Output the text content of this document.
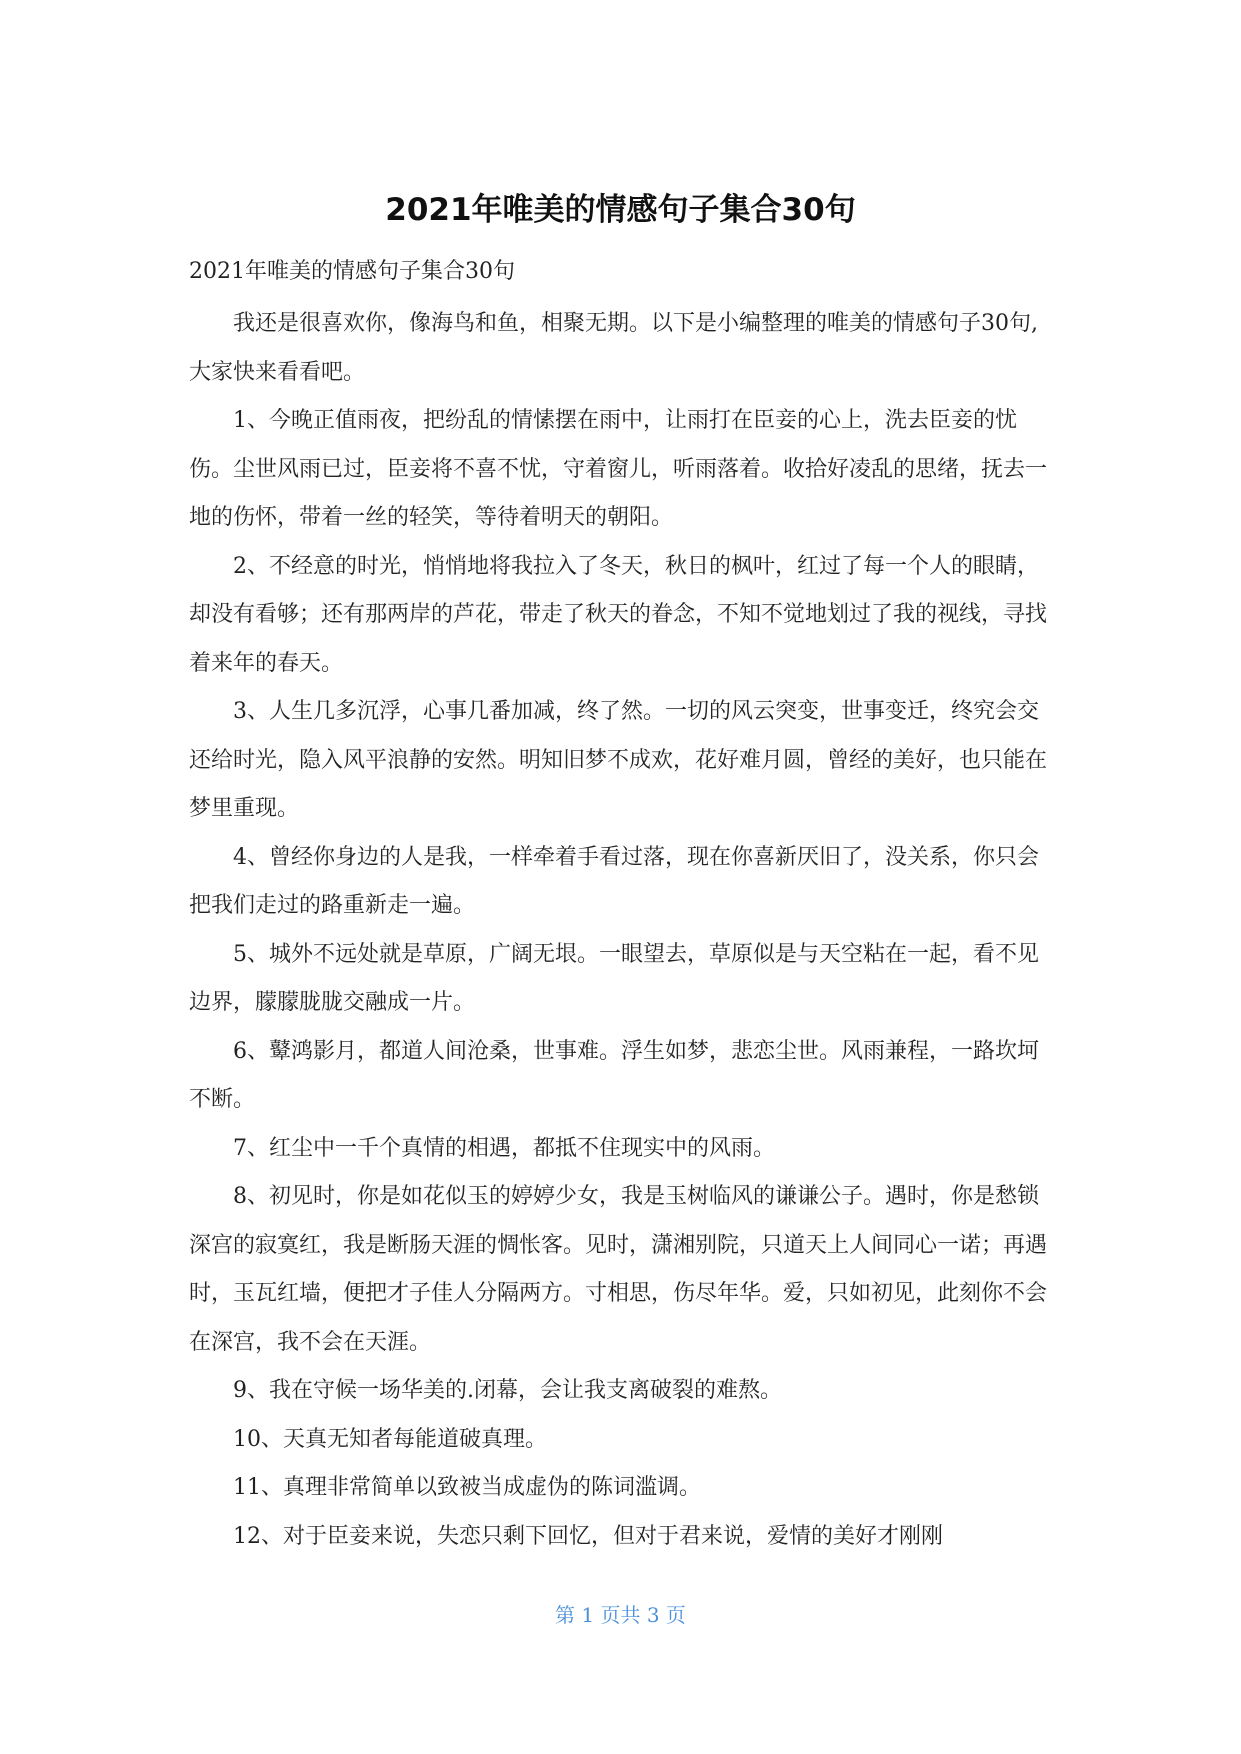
2021年唯美的情感句子集合30句
2021年唯美的情感句子集合30句

我还是很喜欢你，像海鸟和鱼，相聚无期。以下是小编整理的唯美的情感句子30句,大家快来看看吧。

1、今晚正值雨夜，把纷乱的情愫摆在雨中，让雨打在臣妾的心上，洗去臣妾的忧伤。尘世风雨已过，臣妾将不喜不忧，守着窗儿，听雨落着。收拾好凌乱的思绪，抚去一地的伤怀，带着一丝的轻笑，等待着明天的朝阳。

2、不经意的时光，悄悄地将我拉入了冬天，秋日的枫叶，红过了每一个人的眼睛，却没有看够；还有那两岸的芦花，带走了秋天的眷念，不知不觉地划过了我的视线，寻找着来年的春天。

3、人生几多沉浮，心事几番加减，终了然。一切的风云突变，世事变迁，终究会交还给时光，隐入风平浪静的安然。明知旧梦不成欢，花好难月圆，曾经的美好，也只能在梦里重现。

4、曾经你身边的人是我，一样牵着手看过落，现在你喜新厌旧了，没关系，你只会把我们走过的路重新走一遍。

5、城外不远处就是草原，广阔无垠。一眼望去，草原似是与天空粘在一起，看不见边界，朦朦胧胧交融成一片。

6、鼙鸿影月，都道人间沧桑，世事难。浮生如梦，悲恋尘世。风雨兼程，一路坎坷不断。

7、红尘中一千个真情的相遇，都抵不住现实中的风雨。

8、初见时，你是如花似玉的婷婷少女，我是玉树临风的谦谦公子。遇时，你是愁锁深宫的寂寞红，我是断肠天涯的惆怅客。见时，潇湘别院，只道天上人间同心一诺；再遇时，玉瓦红墙，便把才子佳人分隔两方。寸相思，伤尽年华。爱，只如初见，此刻你不会在深宫，我不会在天涯。

9、我在守候一场华美的.闭幕，会让我支离破裂的难熬。

10、天真无知者每能道破真理。

11、真理非常简单以致被当成虚伪的陈词滥调。

12、对于臣妾来说，失恋只剩下回忆，但对于君来说，爱情的美好才刚刚

第 1 页共 3 页
